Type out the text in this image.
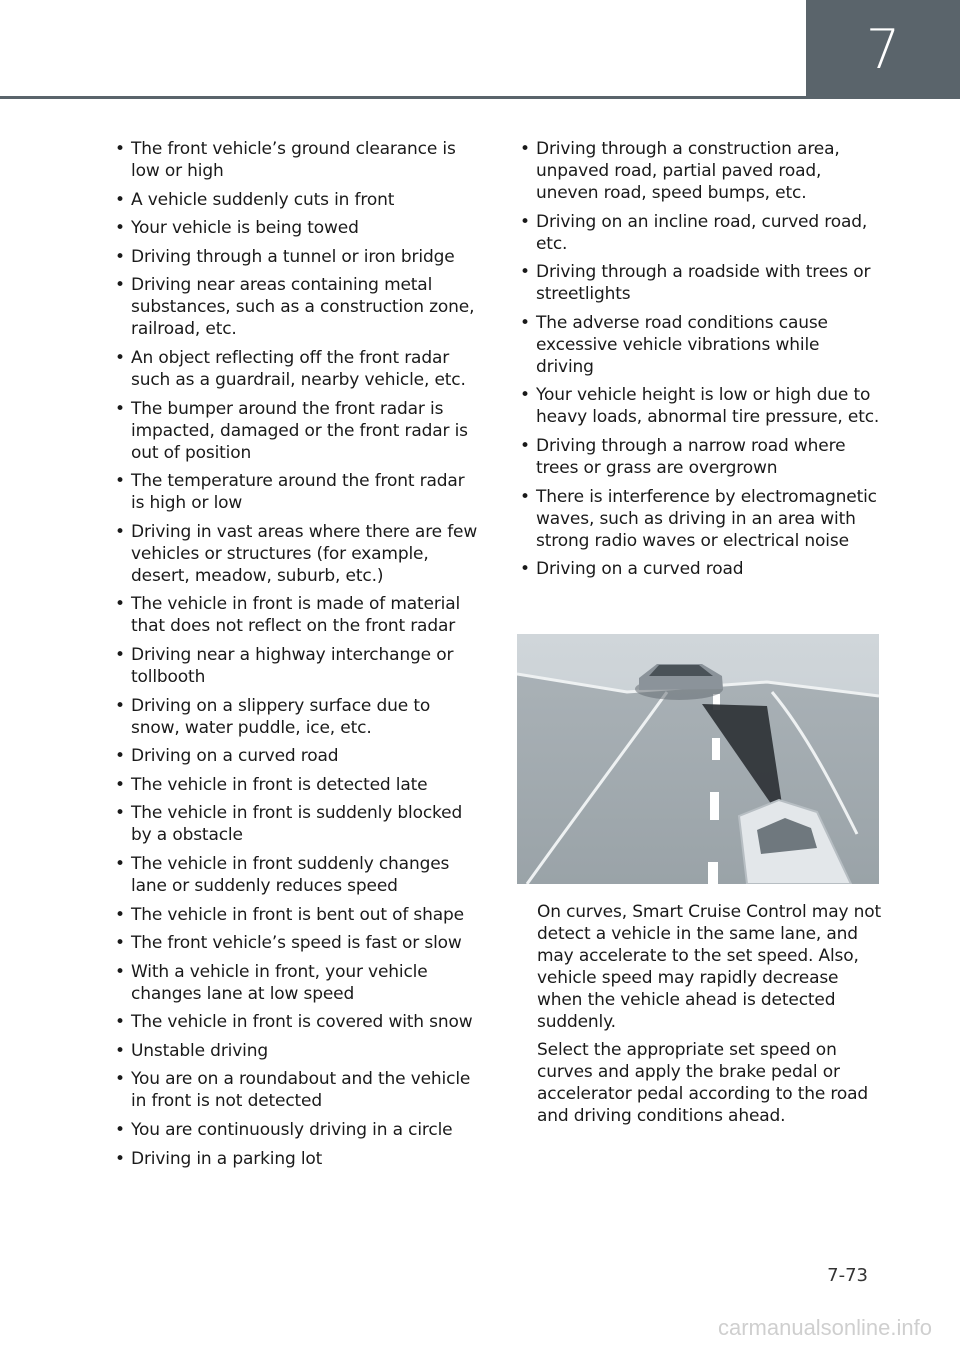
7
• The front vehicle’s ground clearance is low or high
• A vehicle suddenly cuts in front
• Your vehicle is being towed
• Driving through a tunnel or iron bridge
• Driving near areas containing metal substances, such as a construction zone, railroad, etc.
• An object reflecting off the front radar such as a guardrail, nearby vehicle, etc.
• The bumper around the front radar is impacted, damaged or the front radar is out of position
• The temperature around the front radar is high or low
• Driving in vast areas where there are few vehicles or structures (for example, desert, meadow, suburb, etc.)
• The vehicle in front is made of material that does not reflect on the front radar
• Driving near a highway interchange or tollbooth
• Driving on a slippery surface due to snow, water puddle, ice, etc.
• Driving on a curved road
• The vehicle in front is detected late
• The vehicle in front is suddenly blocked by a obstacle
• The vehicle in front suddenly changes lane or suddenly reduces speed
• The vehicle in front is bent out of shape
• The front vehicle’s speed is fast or slow
• With a vehicle in front, your vehicle changes lane at low speed
• The vehicle in front is covered with snow
• Unstable driving
• You are on a roundabout and the vehicle in front is not detected
• You are continuously driving in a circle
• Driving in a parking lot
• Driving through a construction area, unpaved road, partial paved road, uneven road, speed bumps, etc.
• Driving on an incline road, curved road, etc.
• Driving through a roadside with trees or streetlights
• The adverse road conditions cause excessive vehicle vibrations while driving
• Your vehicle height is low or high due to heavy loads, abnormal tire pressure, etc.
• Driving through a narrow road where trees or grass are overgrown
• There is interference by electromagnetic waves, such as driving in an area with strong radio waves or electrical noise
• Driving on a curved road

On curves, Smart Cruise Control may not detect a vehicle in the same lane, and may accelerate to the set speed. Also, vehicle speed may rapidly decrease when the vehicle ahead is detected suddenly.

Select the appropriate set speed on curves and apply the brake pedal or accelerator pedal according to the road and driving conditions ahead.

7-73
carmanualsonline.info
